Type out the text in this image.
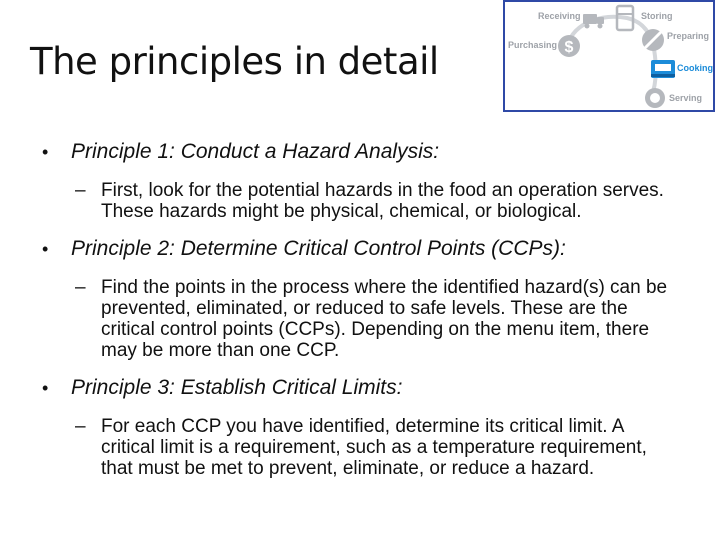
The principles in detail	$
Receiving	Storing
Purchasing
Preparing
Cooking
Serving
• Principle 1: Conduct a Hazard Analysis:
– First, look for the potential hazards in the food an operation serves. These hazards might be physical, chemical, or biological.
• Principle 2: Determine Critical Control Points (CCPs):
– Find the points in the process where the identified hazard(s) can be prevented, eliminated, or reduced to safe levels. These are the critical control points (CCPs). Depending on the menu item, there may be more than one CCP.
• Principle 3: Establish Critical Limits:
– For each CCP you have identified, determine its critical limit. A critical limit is a requirement, such as a temperature requirement, that must be met to prevent, eliminate, or reduce a hazard.
